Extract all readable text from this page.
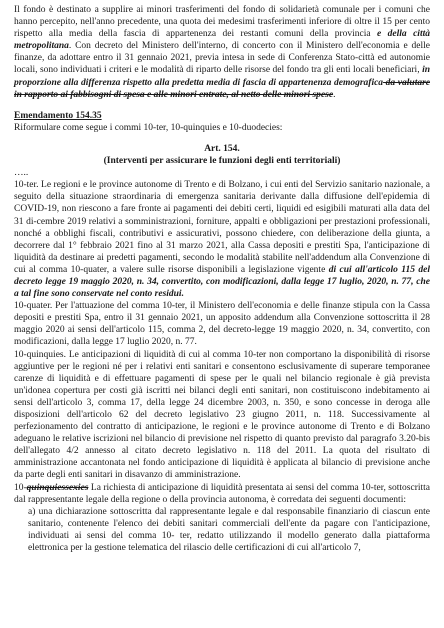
Il fondo è destinato a supplire ai minori trasferimenti del fondo di solidarietà comunale per i comuni che hanno percepito, nell'anno precedente, una quota dei medesimi trasferimenti inferiore di oltre il 15 per cento rispetto alla media della fascia di appartenenza dei restanti comuni della provincia e della città metropolitana. Con decreto del Ministero dell'interno, di concerto con il Ministero dell'economia e delle finanze, da adottare entro il 31 gennaio 2021, previa intesa in sede di Conferenza Stato-città ed autonomie locali, sono individuati i criteri e le modalità di riparto delle risorse del fondo tra gli enti locali beneficiari, in proporzione alla differenza rispetto alla predetta media di fascia di appartenenza demografica da valutare in rapporto ai fabbisogni di spesa e alle minori entrate, al netto delle minori spese.

Emendamento 154.35

Riformulare come segue i commi 10-ter, 10-quinquies e 10-duodecies:

Art. 154.

(Interventi per assicurare le funzioni degli enti territoriali)

…..

10-ter. Le regioni e le province autonome di Trento e di Bolzano, i cui enti del Servizio sanitario nazionale, a seguito della situazione straordinaria di emergenza sanitaria derivante dalla diffusione dell'epidemia di COVID-19, non riescono a fare fronte ai pagamenti dei debiti certi, liquidi ed esigibili maturati alla data del 31 di-cembre 2019 relativi a somministrazioni, forniture, appalti e obbligazioni per prestazioni professionali, nonché a obblighi fiscali, contributivi e assicurativi, possono chiedere, con deliberazione della giunta, a decorrere dal 1° febbraio 2021 fino al 31 marzo 2021, alla Cassa depositi e prestiti Spa, l'anticipazione di liquidità da destinare ai predetti pagamenti, secondo le modalità stabilite nell'addendum alla Convenzione di cui al comma 10-quater, a valere sulle risorse disponibili a legislazione vigente di cui all'articolo 115 del decreto legge 19 maggio 2020, n. 34, convertito, con modificazioni, dalla legge 17 luglio, 2020, n. 77, che a tal fine sono conservate nel conto residui.

10-quater. Per l'attuazione del comma 10-ter, il Ministero dell'economia e delle finanze stipula con la Cassa depositi e prestiti Spa, entro il 31 gennaio 2021, un apposito addendum alla Convenzione sottoscritta il 28 maggio 2020 ai sensi dell'articolo 115, comma 2, del decreto-legge 19 maggio 2020, n. 34, convertito, con modificazioni, dalla legge 17 luglio 2020, n. 77.

10-quinquies. Le anticipazioni di liquidità di cui al comma 10-ter non comportano la disponibilità di risorse aggiuntive per le regioni né per i relativi enti sanitari e consentono esclusivamente di superare temporanee carenze di liquidità e di effettuare pagamenti di spese per le quali nel bilancio regionale è già prevista un'idonea copertura per costi già iscritti nei bilanci degli enti sanitari, non costituiscono indebitamento ai sensi dell'articolo 3, comma 17, della legge 24 dicembre 2003, n. 350, e sono concesse in deroga alle disposizioni dell'articolo 62 del decreto legislativo 23 giugno 2011, n. 118. Successivamente al perfezionamento del contratto di anticipazione, le regioni e le province autonome di Trento e di Bolzano adeguano le relative iscrizioni nel bilancio di previsione nel rispetto di quanto previsto dal paragrafo 3.20-bis dell'allegato 4/2 annesso al citato decreto legislativo n. 118 del 2011. La quota del risultato di amministrazione accantonata nel fondo anticipazione di liquidità è applicata al bilancio di previsione anche da parte degli enti sanitari in disavanzo di amministrazione.

10-quinquiessexies La richiesta di anticipazione di liquidità presentata ai sensi del comma 10-ter, sottoscritta dal rappresentante legale della regione o della provincia autonoma, è corredata dei seguenti documenti:

a) una dichiarazione sottoscritta dal rappresentante legale e dal responsabile finanziario di ciascun ente sanitario, contenente l'elenco dei debiti sanitari commerciali dell'ente da pagare con l'anticipazione, individuati ai sensi del comma 10- ter, redatto utilizzando il modello generato dalla piattaforma elettronica per la gestione telematica del rilascio delle certificazioni di cui all'articolo 7,
